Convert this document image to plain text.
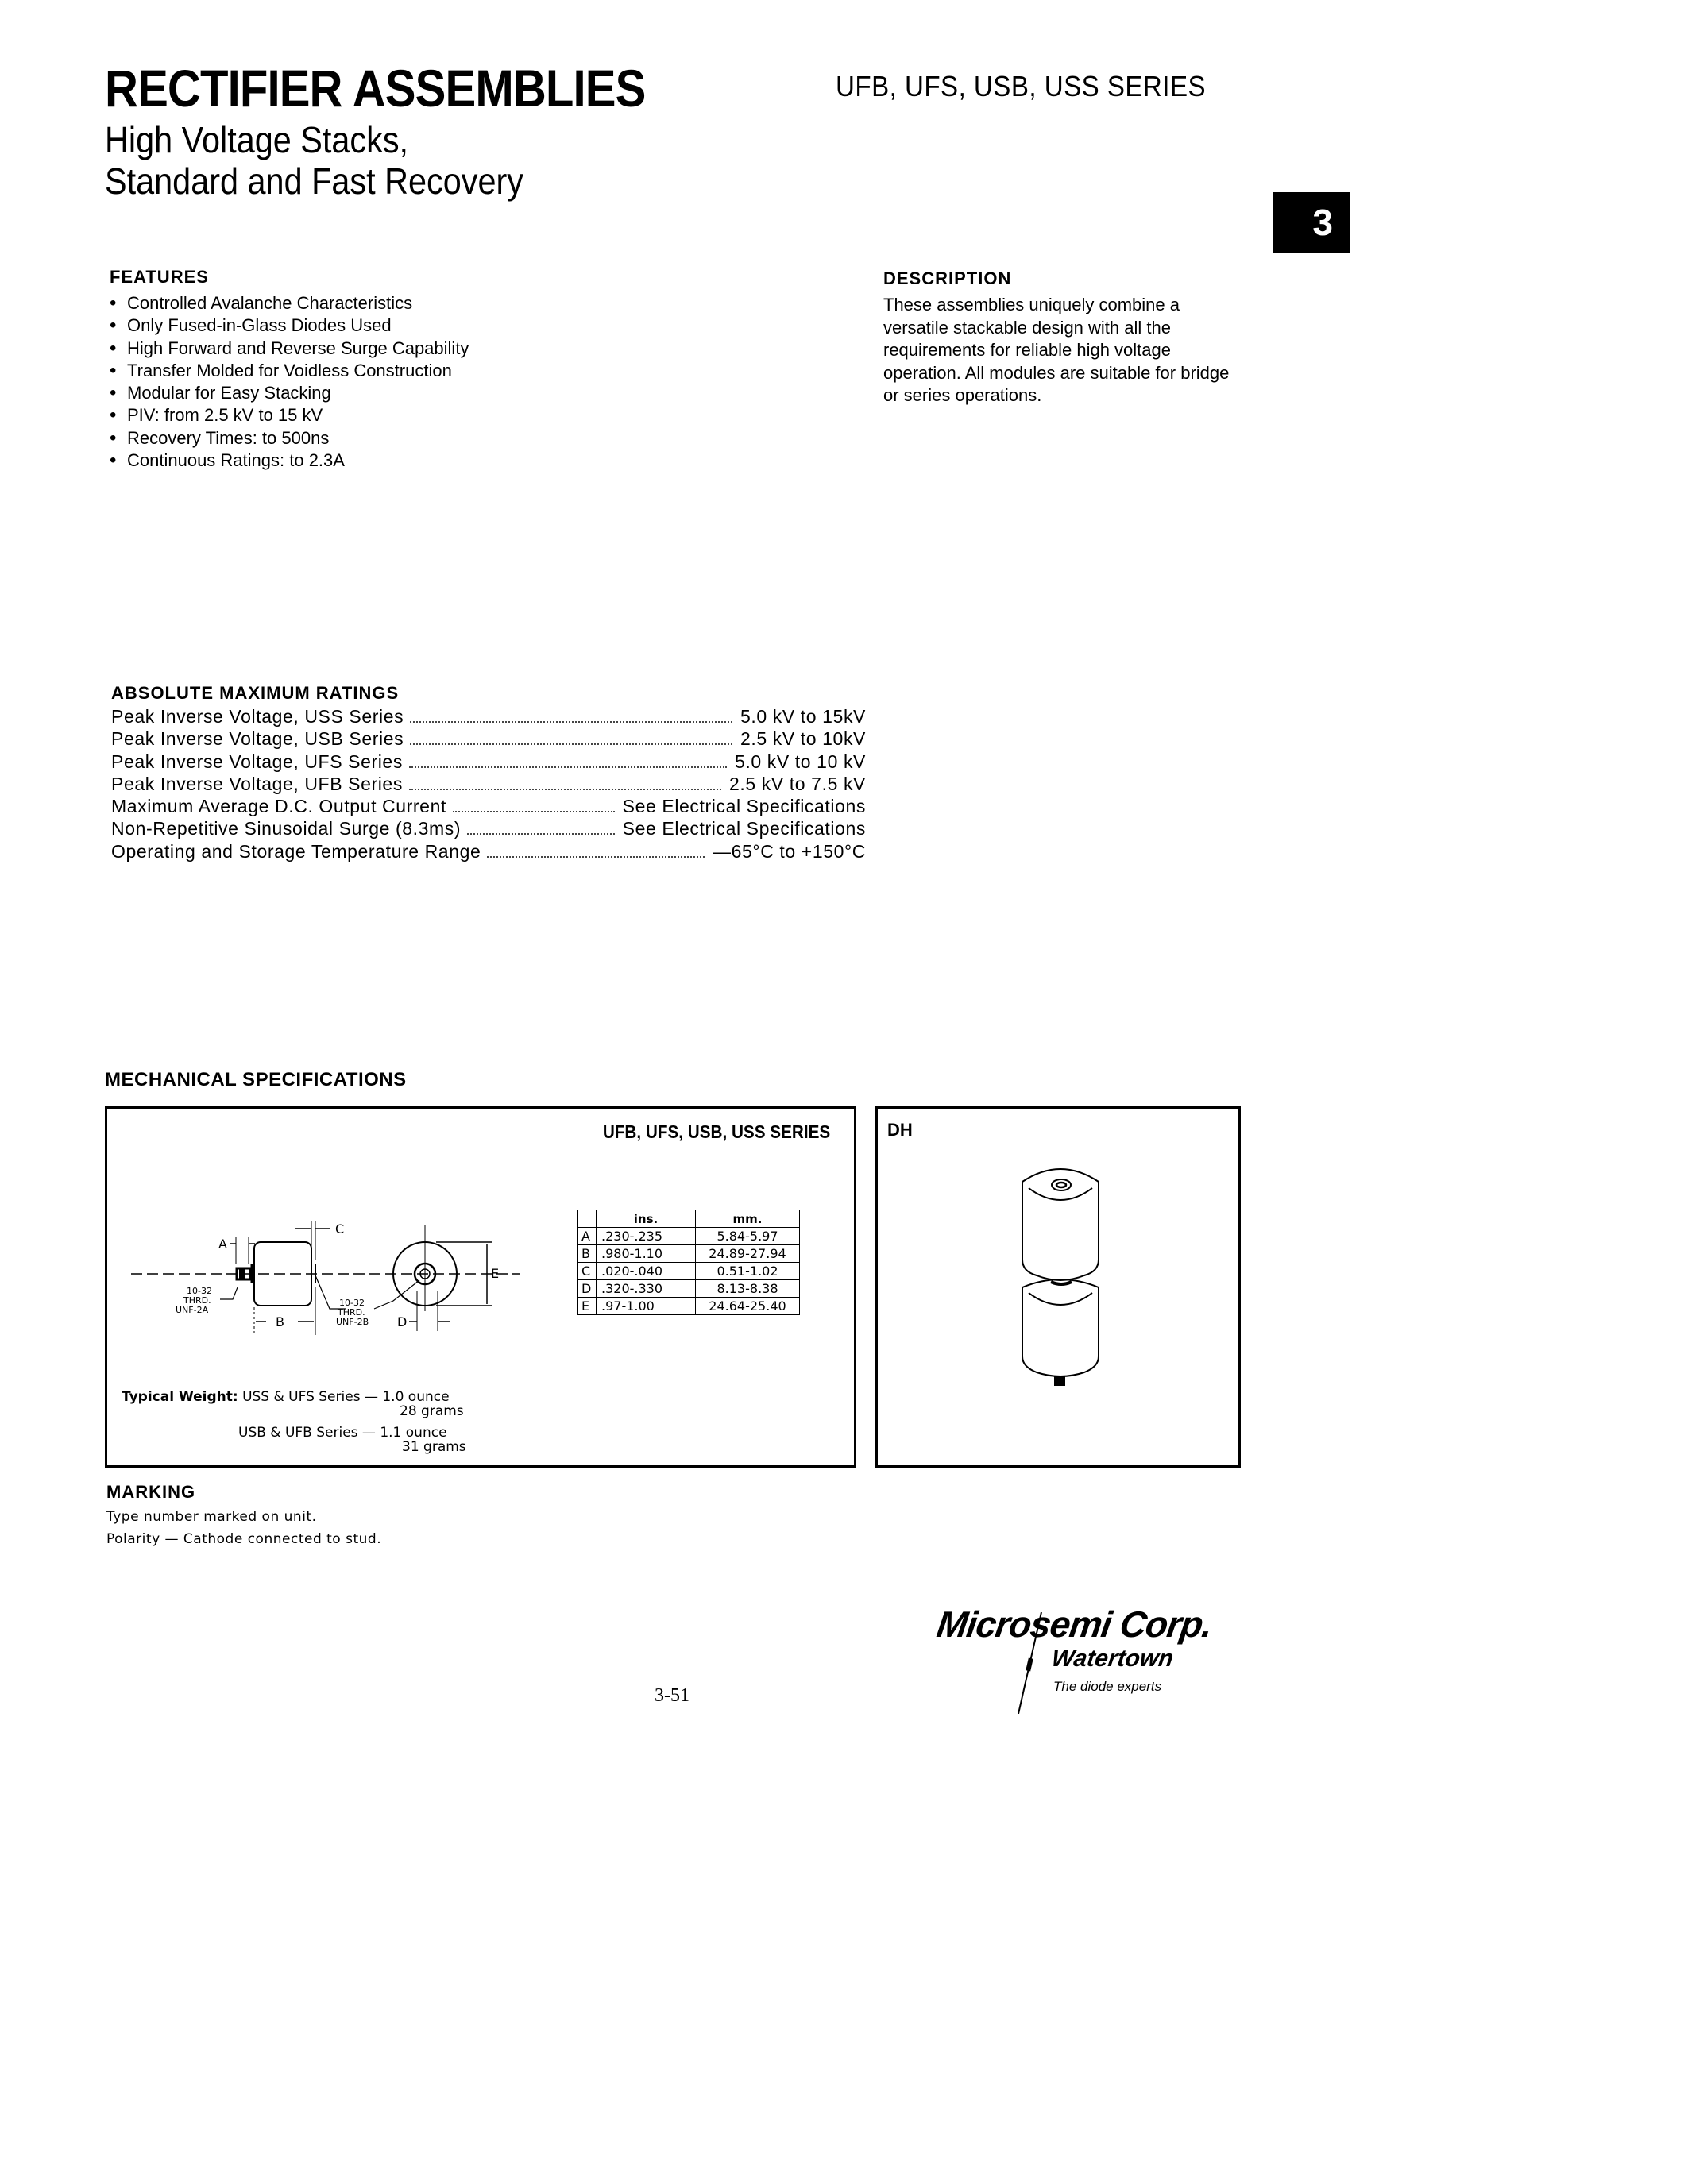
RECTIFIER ASSEMBLIES
High Voltage Stacks,
Standard and Fast Recovery
UFB, UFS, USB, USS SERIES
3
FEATURES
• Controlled Avalanche Characteristics
• Only Fused-in-Glass Diodes Used
• High Forward and Reverse Surge Capability
• Transfer Molded for Voidless Construction
• Modular for Easy Stacking
• PIV: from 2.5 kV to 15 kV
• Recovery Times: to 500ns
• Continuous Ratings: to 2.3A
DESCRIPTION

These assemblies uniquely combine a versatile stackable design with all the requirements for reliable high voltage operation. All modules are suitable for bridge or series operations.

ABSOLUTE MAXIMUM RATINGS
Peak Inverse Voltage, USS Series	5.0 kV to 15kV
Peak Inverse Voltage, USB Series	2.5 kV to 10kV
Peak Inverse Voltage, UFS Series	5.0 kV to 10 kV
Peak Inverse Voltage, UFB Series	2.5 kV to 7.5 kV
Maximum Average D.C. Output Current	See Electrical Specifications
Non-Repetitive Sinusoidal Surge (8.3ms)	See Electrical Specifications
Operating and Storage Temperature Range	—65°C to +150°C
MECHANICAL SPECIFICATIONS
UFB, UFS, USB, USS SERIES
A
C
B
E
D
10-32
THRD.
UNF-2A
10-32
THRD.
UNF-2B
	ins.	mm.
A	.230-.235	5.84-5.97
B	.980-1.10	24.89-27.94
C	.020-.040	0.51-1.02
D	.320-.330	8.13-8.38
E	.97-1.00	24.64-25.40
Typical Weight: USS & UFS Series — 1.0 ounce
28 grams
USB & UFB Series — 1.1 ounce
31 grams
DH
MARKING

Type number marked on unit.

Polarity — Cathode connected to stud.

3-51
Microsemi Corp.
Watertown
The diode experts
